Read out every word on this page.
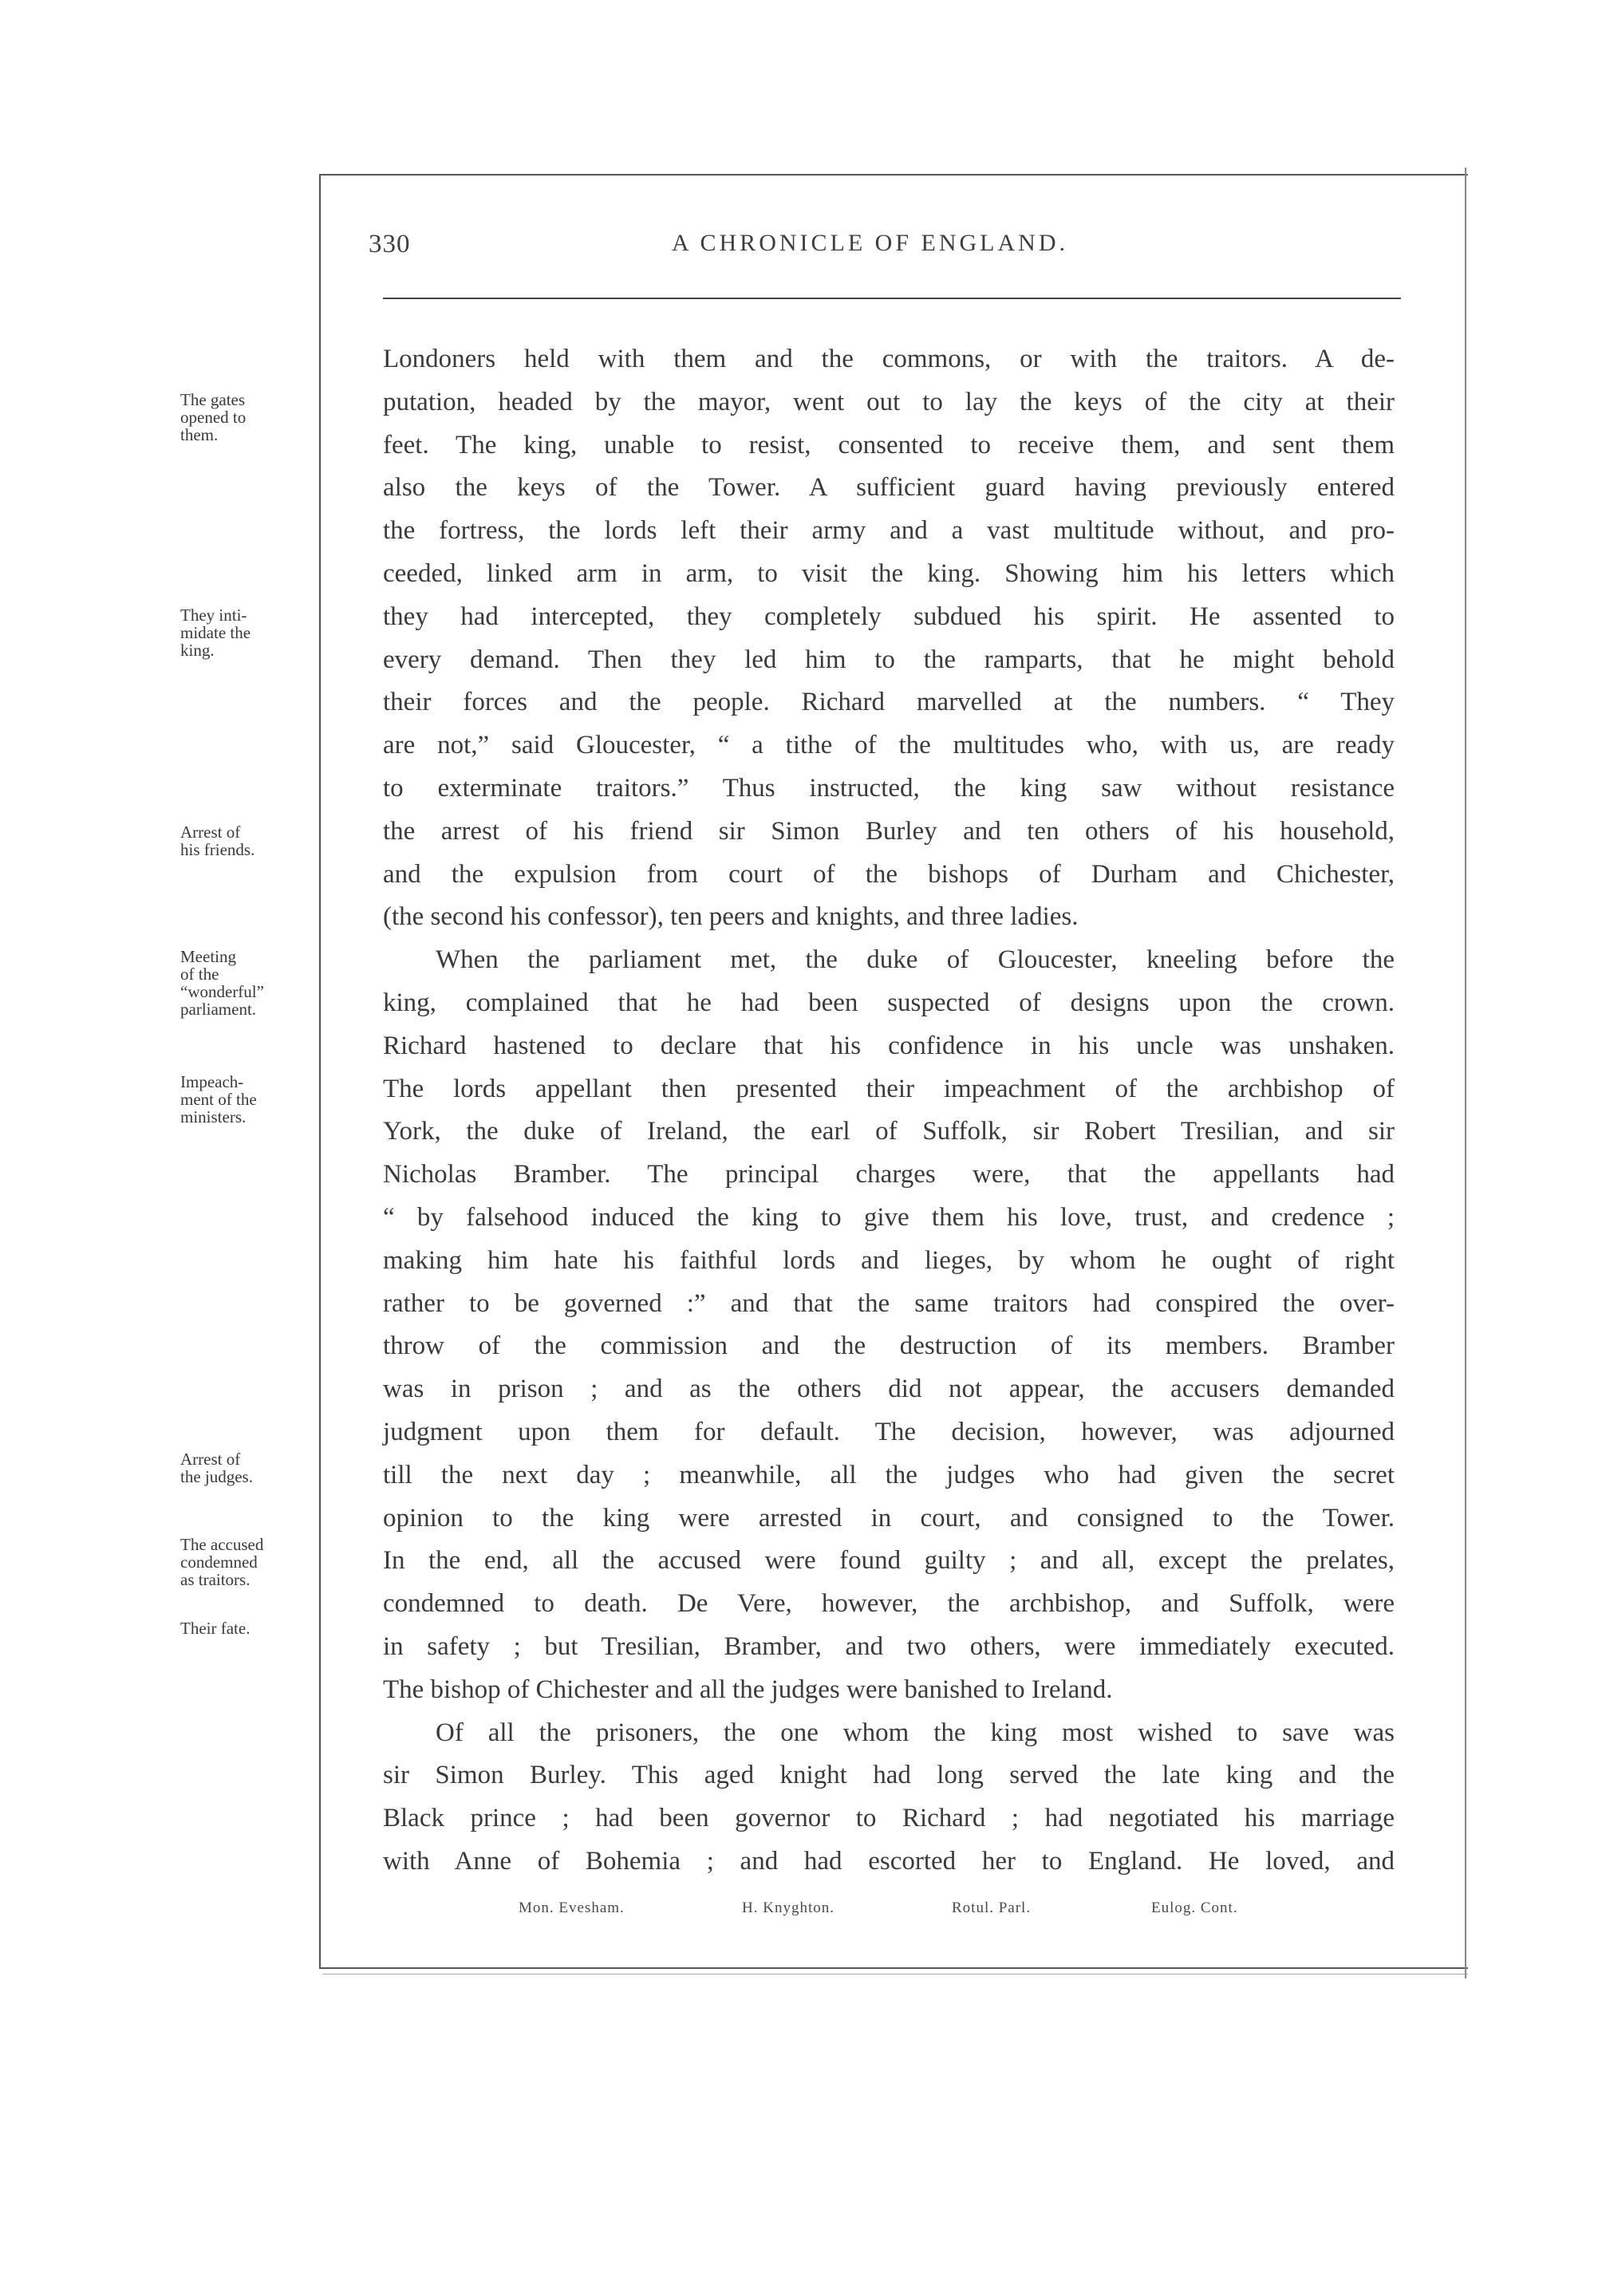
330	A CHRONICLE OF ENGLAND.
The gates
opened to
them.
They inti-
midate the
king.
Arrest of
his friends.
Meeting
of the
“wonderful”
parliament.
Impeach-
ment of the
ministers.
Arrest of
the judges.
The accused
condemned
as traitors.
Their fate.
Londoners held with them and the commons, or with the traitors. A de-
putation, headed by the mayor, went out to lay the keys of the city at their
feet. The king, unable to resist, consented to receive them, and sent them
also the keys of the Tower. A sufficient guard having previously entered
the fortress, the lords left their army and a vast multitude without, and pro-
ceeded, linked arm in arm, to visit the king. Showing him his letters which
they had intercepted, they completely subdued his spirit. He assented to
every demand. Then they led him to the ramparts, that he might behold
their forces and the people. Richard marvelled at the numbers. “ They
are not,” said Gloucester, “ a tithe of the multitudes who, with us, are ready
to exterminate traitors.” Thus instructed, the king saw without resistance
the arrest of his friend sir Simon Burley and ten others of his household,
and the expulsion from court of the bishops of Durham and Chichester,
(the second his confessor), ten peers and knights, and three ladies.
When the parliament met, the duke of Gloucester, kneeling before the
king, complained that he had been suspected of designs upon the crown.
Richard hastened to declare that his confidence in his uncle was unshaken.
The lords appellant then presented their impeachment of the archbishop of
York, the duke of Ireland, the earl of Suffolk, sir Robert Tresilian, and sir
Nicholas Bramber. The principal charges were, that the appellants had
“ by falsehood induced the king to give them his love, trust, and credence ;
making him hate his faithful lords and lieges, by whom he ought of right
rather to be governed :” and that the same traitors had conspired the over-
throw of the commission and the destruction of its members. Bramber
was in prison ; and as the others did not appear, the accusers demanded
judgment upon them for default. The decision, however, was adjourned
till the next day ; meanwhile, all the judges who had given the secret
opinion to the king were arrested in court, and consigned to the Tower.
In the end, all the accused were found guilty ; and all, except the prelates,
condemned to death. De Vere, however, the archbishop, and Suffolk, were
in safety ; but Tresilian, Bramber, and two others, were immediately executed.
The bishop of Chichester and all the judges were banished to Ireland.
Of all the prisoners, the one whom the king most wished to save was
sir Simon Burley. This aged knight had long served the late king and the
Black prince ; had been governor to Richard ; had negotiated his marriage
with Anne of Bohemia ; and had escorted her to England. He loved, and
Mon. Evesham.	H. Knyghton.	Rotul. Parl.	Eulog. Cont.
